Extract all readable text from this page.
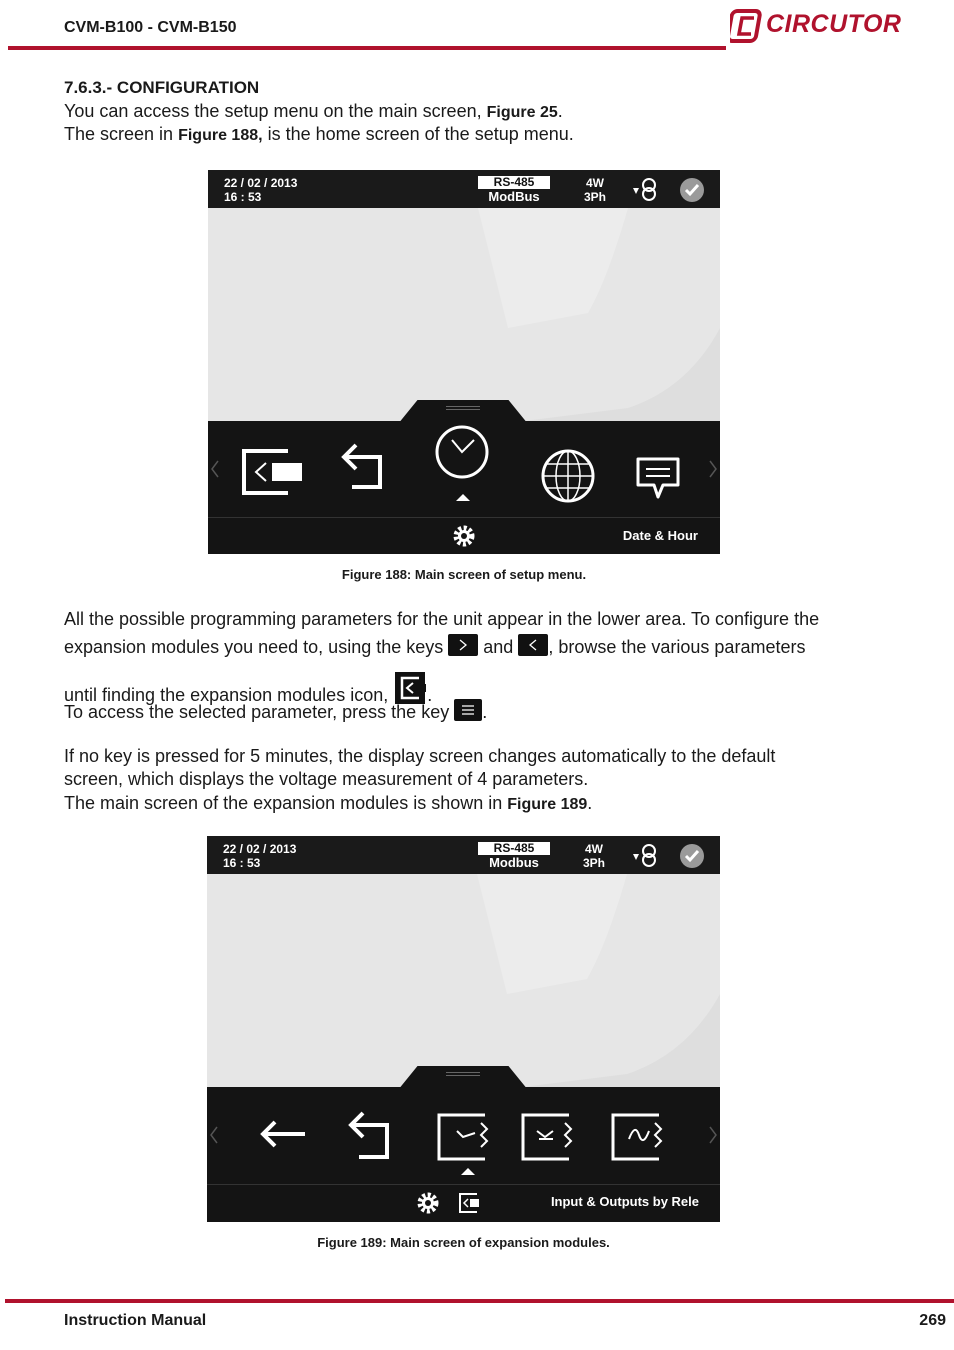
CVM-B100 - CVM-B150	CIRCUTOR
7.6.3.- CONFIGURATION
You can access the setup menu on the main screen, Figure 25.
The screen in Figure 188, is the home screen of the setup menu.
22 / 02 / 2013
16 : 53
RS-485
ModBus
4W
3Ph
Date & Hour
Figure 188: Main screen of setup menu.
All the possible programming parameters for the unit appear in the lower area. To configure the
expansion modules you need to, using the keys and , browse the various parameters
until finding the expansion modules icon, .
To access the selected parameter, press the key .
If no key is pressed for 5 minutes, the display screen changes automatically to the default
screen, which displays the voltage measurement of 4 parameters.
The main screen of the expansion modules is shown in Figure 189.
22 / 02 / 2013
16 : 53
RS-485
Modbus
4W
3Ph
Input & Outputs by Rele
Figure 189: Main screen of expansion modules.
Instruction Manual	269
